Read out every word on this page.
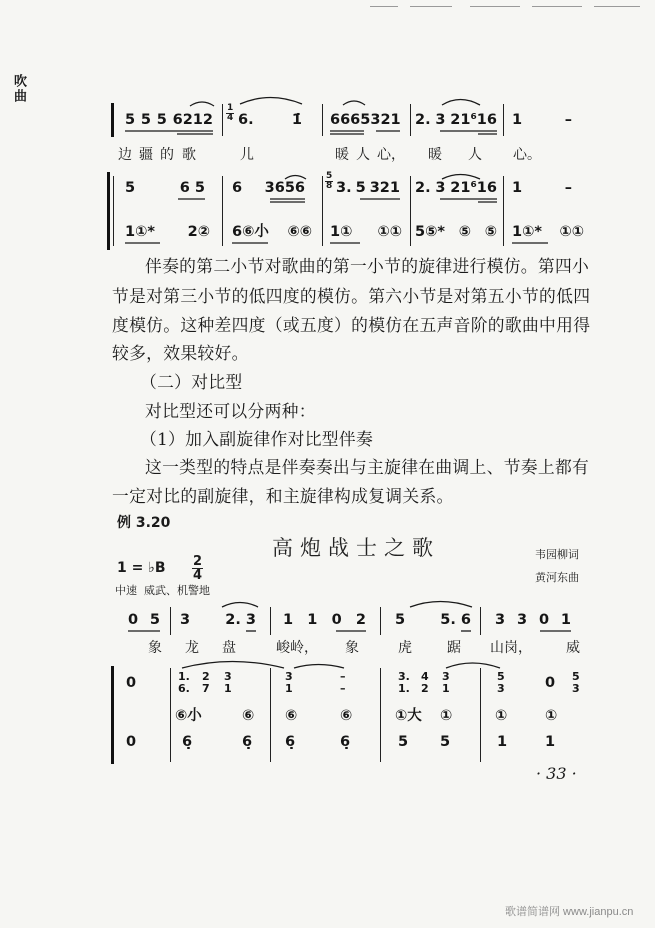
吹曲
5 5 5 $6212 \frac{1}{4} 6$.	1̇ 6665 321 2. 3 21⁶16 1	–
边 疆 的 歌	儿	暖 人 心， 暖 人 心。
5	6 5 6 $3656 \frac{5}{8} 3$. 5 321 2. 3 21⁶16 1	–
1①* 2② 6⑥小 ⑥⑥ 1① ①① 5⑤* ⑤ ⑤ 1①* ①①
伴奏的第二小节对歌曲的第一小节的旋律进行模仿。第四小
节是对第三小节的低四度的模仿。第六小节是对第五小节的低四
度模仿。这种差四度（或五度）的模仿在五声音阶的歌曲中用得
较多，效果较好。
（二）对比型
对比型还可以分两种：
（1）加入副旋律作对比型伴奏
这一类型的特点是伴奏奏出与主旋律在曲调上、节奏上都有
一定对比的副旋律，和主旋律构成复调关系。
例 3.20
高炮战士之歌	韦园柳词
黄河东曲
1 = ♭B $\frac{2}{4}$
中速  威武、机警地
0 5 3 2. 3 1 1 0 2 5 5. 6 3 3 0 1
象 龙 盘	峻岭， 象	虎	踞 山岗， 威
0	1.
6.
2
7
3
1
3
1
–
–
3.
1.
4
2
3
1
5
3	0 5
3
⑥小	⑥ ⑥	⑥	①大 ①	①	①
0	6̣	6̣ 6̣	6̣	5 5	1	1
· 33 ·
歌谱简谱网 www.jianpu.cn
